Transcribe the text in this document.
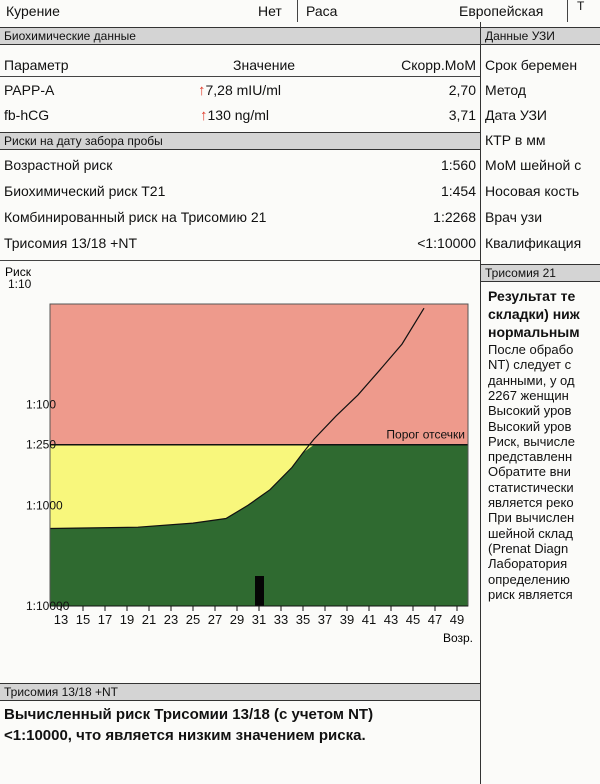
Курение	Нет Раса	Европейская	Т
Биохимические данные
Параметр	Значение	Скорр.МоМ
PAPP-A	↑7,28 mIU/ml	2,70
fb-hCG	↑130 ng/ml	3,71
Риски на дату забора пробы
Возрастной риск	1:560
Биохимический риск T21	1:454
Комбинированный риск на Трисомию 21	1:2268
Трисомия 13/18 +NT	<1:10000
Риск
Порог отсечки
1:10
1:100
1:250
1:1000
1:10000
13 15 17 19 21 23 25 27 29 31 33 35 37 39 41 43 45 47 49
Возр.
Трисомия 13/18 +NT
Вычисленный риск Трисомии 13/18 (с учетом NT)
<1:10000, что является низким значением риска.
Данные УЗИ
Срок беремен
Метод
Дата УЗИ
КТР в мм
МоМ шейной с
Носовая кость
Врач узи
Квалификация
Трисомия 21
Результат те
складки) ниж
нормальным
После обрабо
NT) следует с
данными, у од
2267 женщин
Высокий уров
Высокий уров
Риск, вычисле
представленн
Обратите вни
статистически
является реко
При вычислен
шейной склад
(Prenat Diagn
Лаборатория
определению
риск является
